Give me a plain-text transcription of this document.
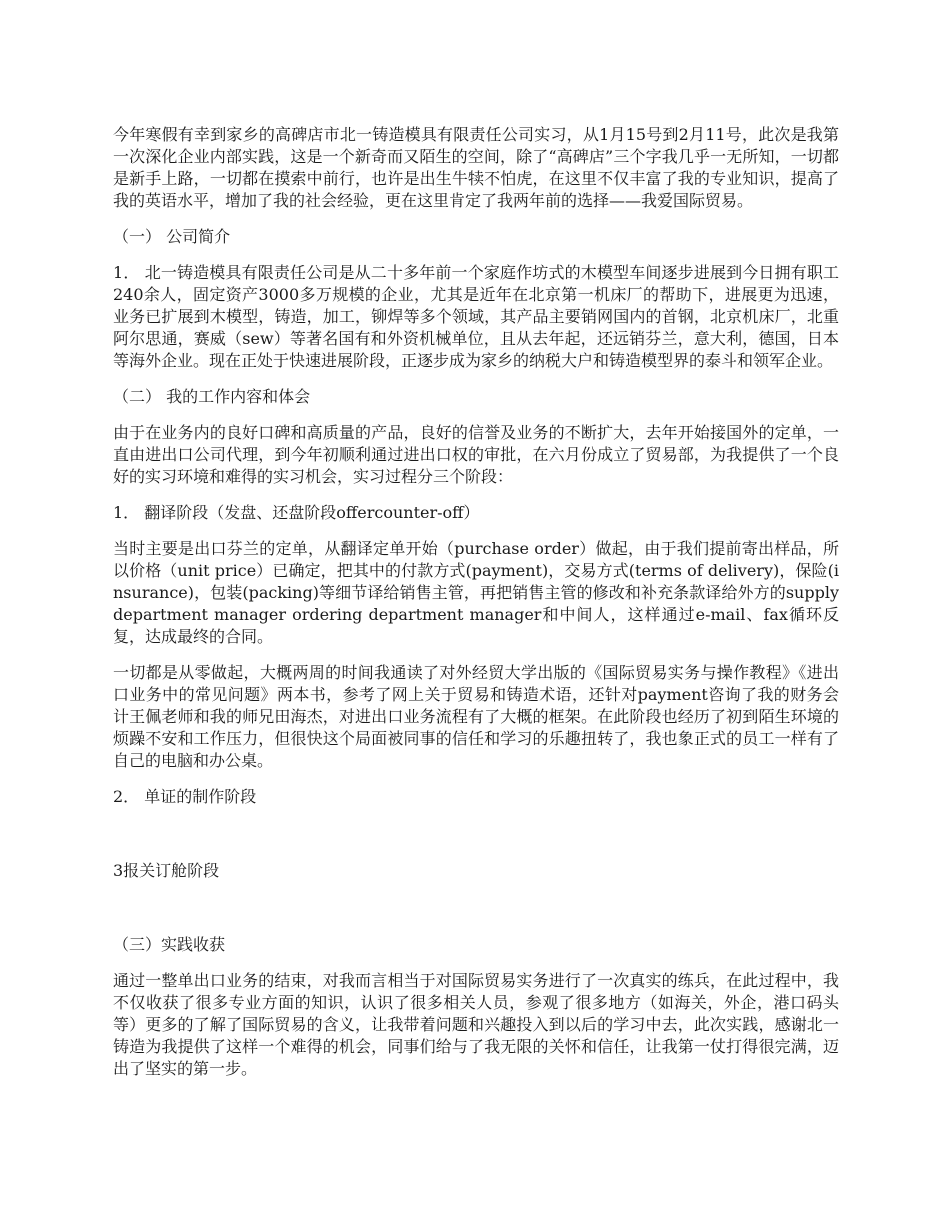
今年寒假有幸到家乡的高碑店市北一铸造模具有限责任公司实习，从1月15号到2月11号，此次是我第一次深化企业内部实践，这是一个新奇而又陌生的空间，除了“高碑店”三个字我几乎一无所知，一切都是新手上路，一切都在摸索中前行，也许是出生牛犊不怕虎，在这里不仅丰富了我的专业知识，提高了我的英语水平，增加了我的社会经验，更在这里肯定了我两年前的选择——我爱国际贸易。

（一） 公司简介

1． 北一铸造模具有限责任公司是从二十多年前一个家庭作坊式的木模型车间逐步进展到今日拥有职工240余人，固定资产3000多万规模的企业，尤其是近年在北京第一机床厂的帮助下，进展更为迅速，业务已扩展到木模型，铸造，加工，铆焊等多个领域，其产品主要销网国内的首钢，北京机床厂，北重阿尔思通，赛威（sew）等著名国有和外资机械单位，且从去年起，还远销芬兰，意大利，德国，日本等海外企业。现在正处于快速进展阶段，正逐步成为家乡的纳税大户和铸造模型界的泰斗和领军企业。

（二） 我的工作内容和体会

由于在业务内的良好口碑和高质量的产品，良好的信誉及业务的不断扩大，去年开始接国外的定单，一直由进出口公司代理，到今年初顺利通过进出口权的审批，在六月份成立了贸易部，为我提供了一个良好的实习环境和难得的实习机会，实习过程分三个阶段：

1． 翻译阶段（发盘、还盘阶段offercounter-off）

当时主要是出口芬兰的定单，从翻译定单开始（purchase order）做起，由于我们提前寄出样品，所以价格（unit price）已确定，把其中的付款方式(payment)，交易方式(terms of delivery)，保险(insurance)，包装(packing)等细节译给销售主管，再把销售主管的修改和补充条款译给外方的supply department manager ordering department manager和中间人，这样通过e-mail、fax循环反复，达成最终的合同。

一切都是从零做起，大概两周的时间我通读了对外经贸大学出版的《国际贸易实务与操作教程》《进出口业务中的常见问题》两本书，参考了网上关于贸易和铸造术语，还针对payment咨询了我的财务会计王佩老师和我的师兄田海杰，对进出口业务流程有了大概的框架。在此阶段也经历了初到陌生环境的烦躁不安和工作压力，但很快这个局面被同事的信任和学习的乐趣扭转了，我也象正式的员工一样有了自己的电脑和办公桌。

2． 单证的制作阶段
3报关订舱阶段
（三）实践收获

通过一整单出口业务的结束，对我而言相当于对国际贸易实务进行了一次真实的练兵，在此过程中，我不仅收获了很多专业方面的知识，认识了很多相关人员，参观了很多地方（如海关，外企，港口码头等）更多的了解了国际贸易的含义，让我带着问题和兴趣投入到以后的学习中去，此次实践，感谢北一铸造为我提供了这样一个难得的机会，同事们给与了我无限的关怀和信任，让我第一仗打得很完满，迈出了坚实的第一步。
